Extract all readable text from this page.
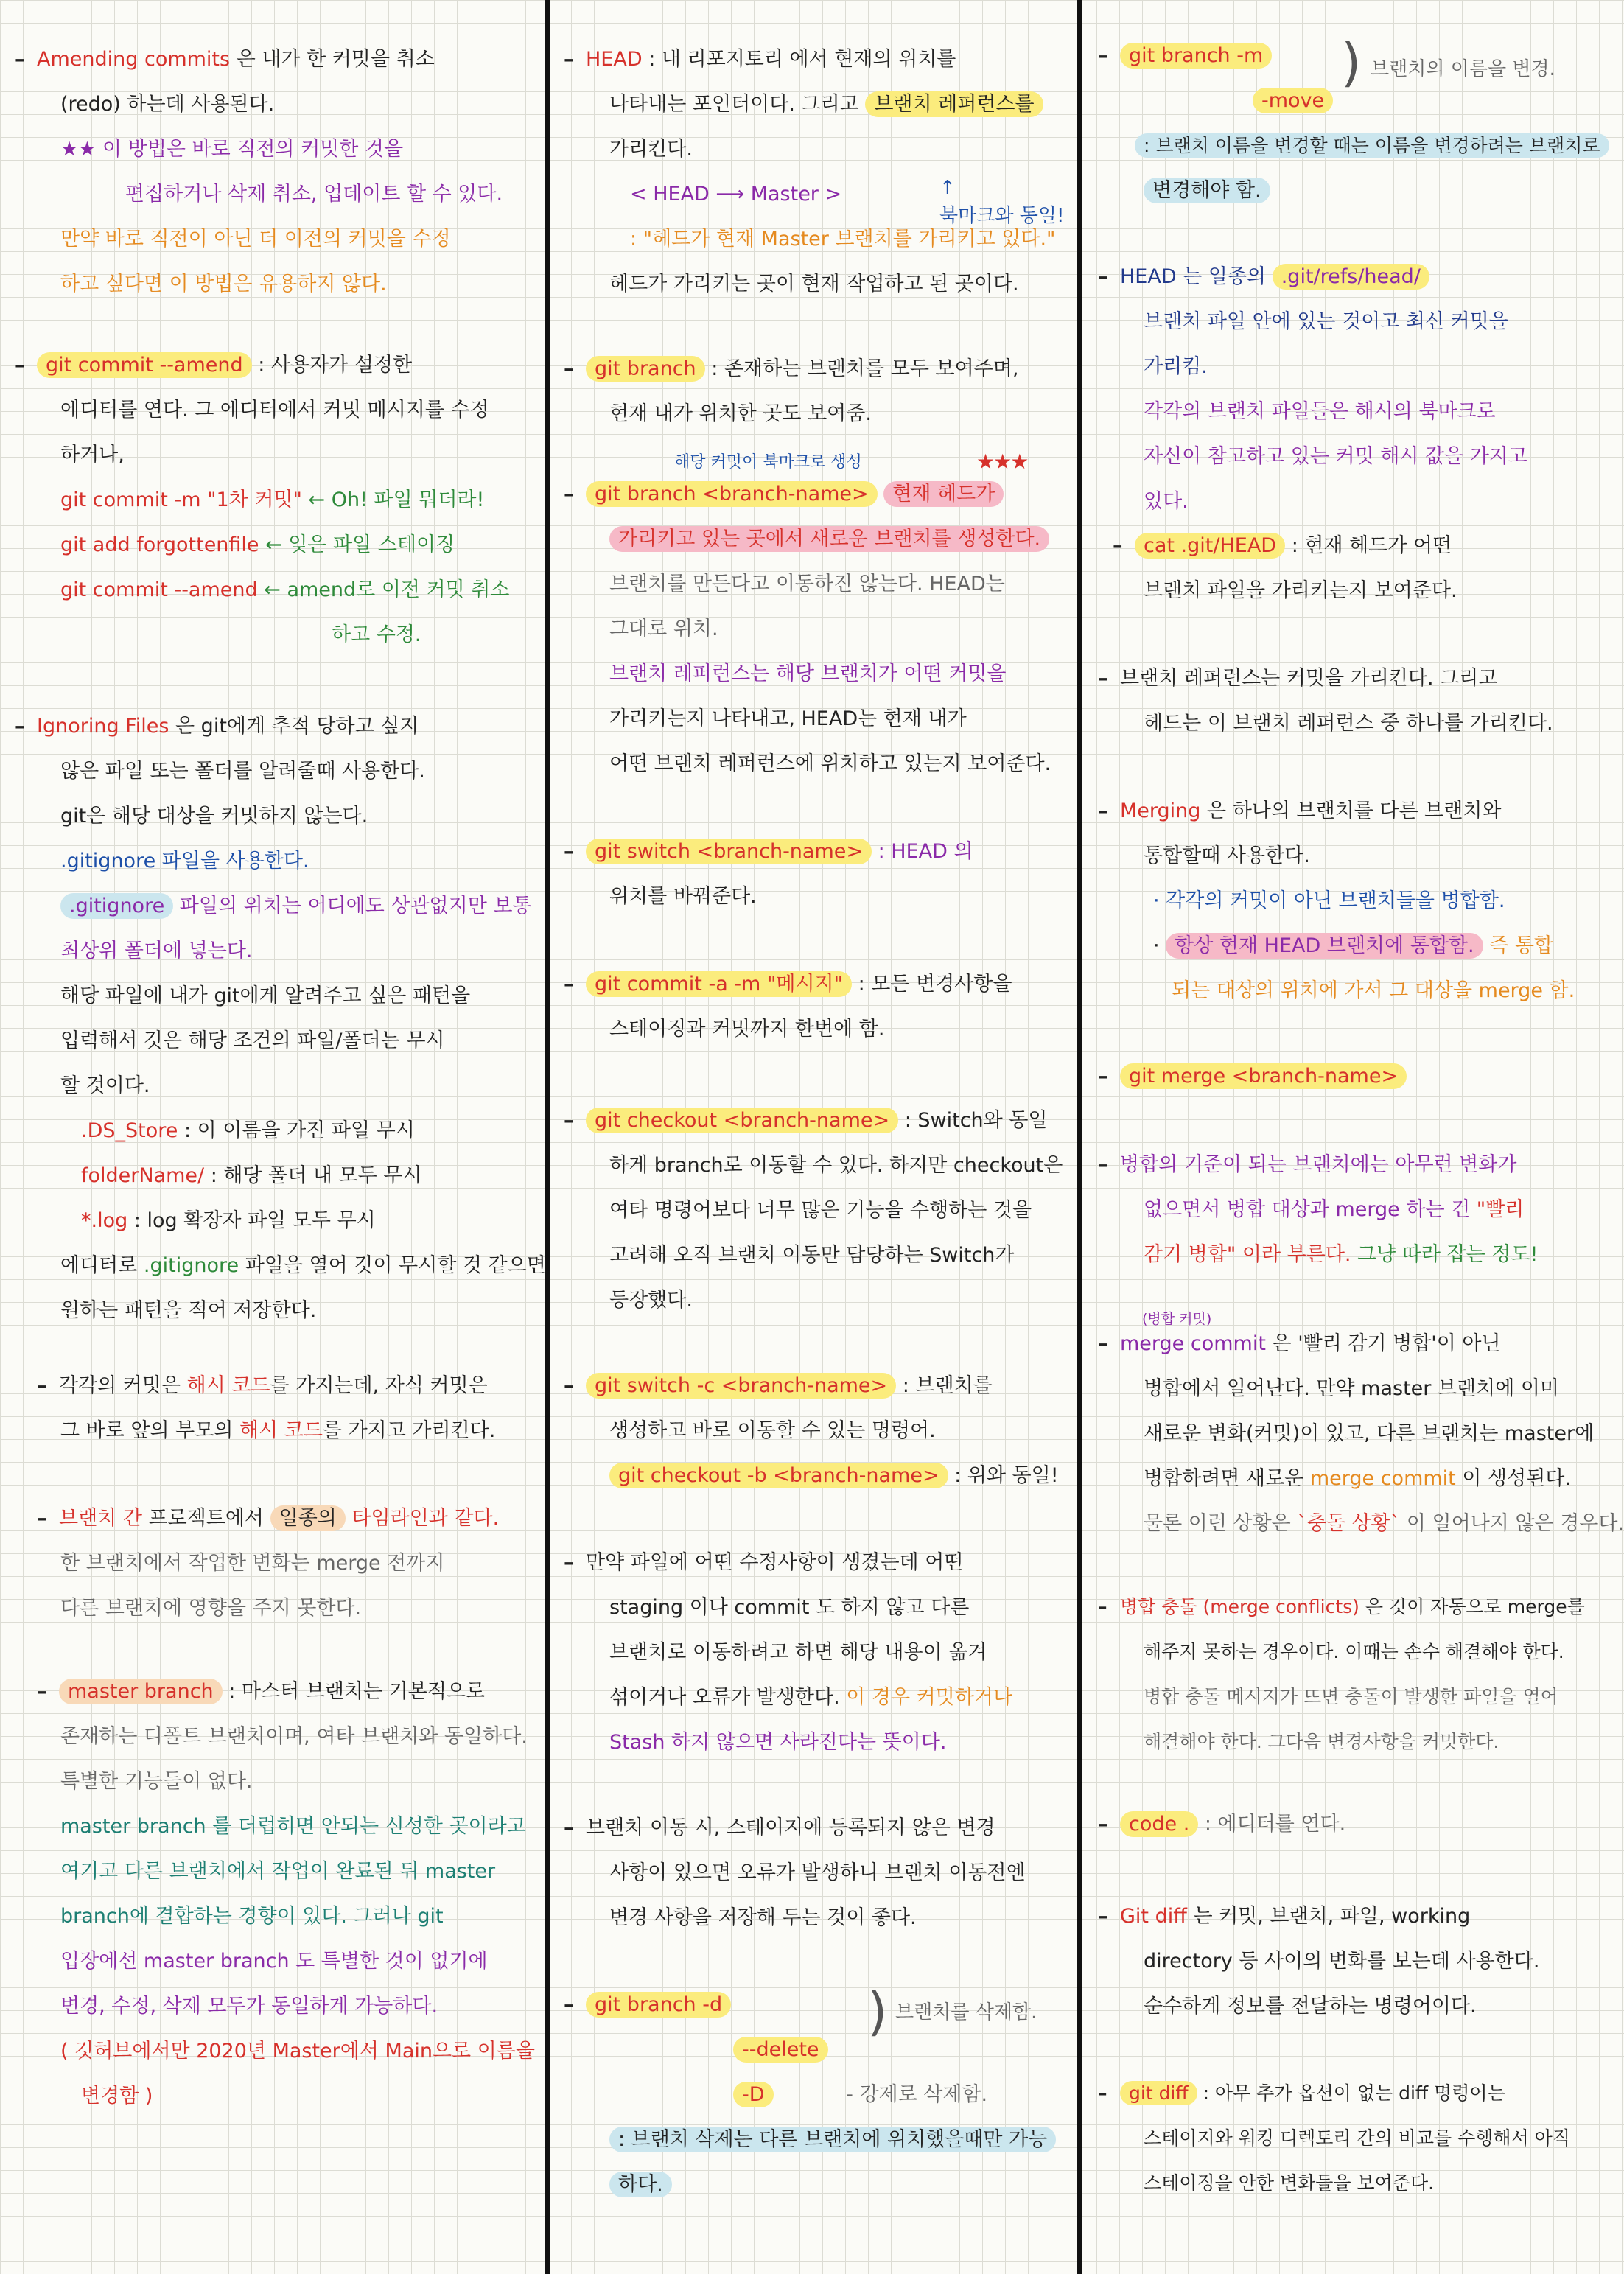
– Amending commits 은 내가 한 커밋을 취소
(redo) 하는데 사용된다.
★★ 이 방법은 바로 직전의 커밋한 것을
편집하거나 삭제 취소, 업데이트 할 수 있다.
만약 바로 직전이 아닌 더 이전의 커밋을 수정
하고 싶다면 이 방법은 유용하지 않다.
– git commit --amend : 사용자가 설정한
에디터를 연다. 그 에디터에서 커밋 메시지를 수정
하거나,
git commit -m "1차 커밋" ← Oh! 파일 뭐더라!
git add forgottenfile ← 잊은 파일 스테이징
git commit --amend ← amend로 이전 커밋 취소
하고 수정.
– Ignoring Files 은 git에게 추적 당하고 싶지
않은 파일 또는 폴더를 알려줄때 사용한다.
git은 해당 대상을 커밋하지 않는다.
.gitignore 파일을 사용한다.
.gitignore 파일의 위치는 어디에도 상관없지만 보통
최상위 폴더에 넣는다.
해당 파일에 내가 git에게 알려주고 싶은 패턴을
입력해서 깃은 해당 조건의 파일/폴더는 무시
할 것이다.
.DS_Store : 이 이름을 가진 파일 무시
folderName/ : 해당 폴더 내 모두 무시
*.log : log 확장자 파일 모두 무시
에디터로 .gitignore 파일을 열어 깃이 무시할 것 같으면
원하는 패턴을 적어 저장한다.
– 각각의 커밋은 해시 코드를 가지는데, 자식 커밋은
그 바로 앞의 부모의 해시 코드를 가지고 가리킨다.
– 브랜치 간 프로젝트에서 일종의 타임라인과 같다.
한 브랜치에서 작업한 변화는 merge 전까지
다른 브랜치에 영향을 주지 못한다.
– master branch : 마스터 브랜치는 기본적으로
존재하는 디폴트 브랜치이며, 여타 브랜치와 동일하다.
특별한 기능들이 없다.
master branch 를 더럽히면 안되는 신성한 곳이라고
여기고 다른 브랜치에서 작업이 완료된 뒤 master
branch에 결합하는 경향이 있다. 그러나 git
입장에선 master branch 도 특별한 것이 없기에
변경, 수정, 삭제 모두가 동일하게 가능하다.
( 깃허브에서만 2020년 Master에서 Main으로 이름을
변경함 )
– HEAD : 내 리포지토리 에서 현재의 위치를
나타내는 포인터이다. 그리고 브랜치 레퍼런스를
가리킨다.
↑
북마크와 동일!
< HEAD ⟶ Master >
: "헤드가 현재 Master 브랜치를 가리키고 있다."
헤드가 가리키는 곳이 현재 작업하고 된 곳이다.
– git branch : 존재하는 브랜치를 모두 보여주며,
현재 내가 위치한 곳도 보여줌.
해당 커밋이 북마크로 생성	★★★
– git branch <branch-name> 현재 헤드가
가리키고 있는 곳에서 새로운 브랜치를 생성한다.
브랜치를 만든다고 이동하진 않는다. HEAD는
그대로 위치.
브랜치 레퍼런스는 해당 브랜치가 어떤 커밋을
가리키는지 나타내고, HEAD는 현재 내가
어떤 브랜치 레퍼런스에 위치하고 있는지 보여준다.
– git switch <branch-name> : HEAD 의
위치를 바꿔준다.
– git commit -a -m "메시지" : 모든 변경사항을
스테이징과 커밋까지 한번에 함.
– git checkout <branch-name> : Switch와 동일
하게 branch로 이동할 수 있다. 하지만 checkout은
여타 명령어보다 너무 많은 기능을 수행하는 것을
고려해 오직 브랜치 이동만 담당하는 Switch가
등장했다.
– git switch -c <branch-name> : 브랜치를
생성하고 바로 이동할 수 있는 명령어.
git checkout -b <branch-name> : 위와 동일!
– 만약 파일에 어떤 수정사항이 생겼는데 어떤
staging 이나 commit 도 하지 않고 다른
브랜치로 이동하려고 하면 해당 내용이 옮겨
섞이거나 오류가 발생한다. 이 경우 커밋하거나
Stash 하지 않으면 사라진다는 뜻이다.
– 브랜치 이동 시, 스테이지에 등록되지 않은 변경
사항이 있으면 오류가 발생하니 브랜치 이동전엔
변경 사항을 저장해 두는 것이 좋다.
– git branch -d
--delete
) 브랜치를 삭제함.
-D	- 강제로 삭제함.
: 브랜치 삭제는 다른 브랜치에 위치했을때만 가능
하다.
– git branch -m
-move
) 브랜치의 이름을 변경.
: 브랜치 이름을 변경할 때는 이름을 변경하려는 브랜치로
변경해야 함.
– HEAD 는 일종의 .git/refs/head/
브랜치 파일 안에 있는 것이고 최신 커밋을
가리킴.
각각의 브랜치 파일들은 해시의 북마크로
자신이 참고하고 있는 커밋 해시 값을 가지고
있다.
– cat .git/HEAD : 현재 헤드가 어떤
브랜치 파일을 가리키는지 보여준다.
– 브랜치 레퍼런스는 커밋을 가리킨다. 그리고
헤드는 이 브랜치 레퍼런스 중 하나를 가리킨다.
– Merging 은 하나의 브랜치를 다른 브랜치와
통합할때 사용한다.
· 각각의 커밋이 아닌 브랜치들을 병합함.
· 항상 현재 HEAD 브랜치에 통합함. 즉 통합
되는 대상의 위치에 가서 그 대상을 merge 함.
– git merge <branch-name>
– 병합의 기준이 되는 브랜치에는 아무런 변화가
없으면서 병합 대상과 merge 하는 건 "빨리
감기 병합" 이라 부른다. 그냥 따라 잡는 정도!
(병합 커밋)
– merge commit 은 '빨리 감기 병합'이 아닌
병합에서 일어난다. 만약 master 브랜치에 이미
새로운 변화(커밋)이 있고, 다른 브랜치는 master에
병합하려면 새로운 merge commit 이 생성된다.
물론 이런 상황은 `충돌 상황` 이 일어나지 않은 경우다.
– 병합 충돌 (merge conflicts) 은 깃이 자동으로 merge를
해주지 못하는 경우이다. 이때는 손수 해결해야 한다.
병합 충돌 메시지가 뜨면 충돌이 발생한 파일을 열어
해결해야 한다. 그다음 변경사항을 커밋한다.
– code . : 에디터를 연다.
– Git diff 는 커밋, 브랜치, 파일, working
directory 등 사이의 변화를 보는데 사용한다.
순수하게 정보를 전달하는 명령어이다.
– git diff : 아무 추가 옵션이 없는 diff 명령어는
스테이지와 워킹 디렉토리 간의 비교를 수행해서 아직
스테이징을 안한 변화들을 보여준다.
